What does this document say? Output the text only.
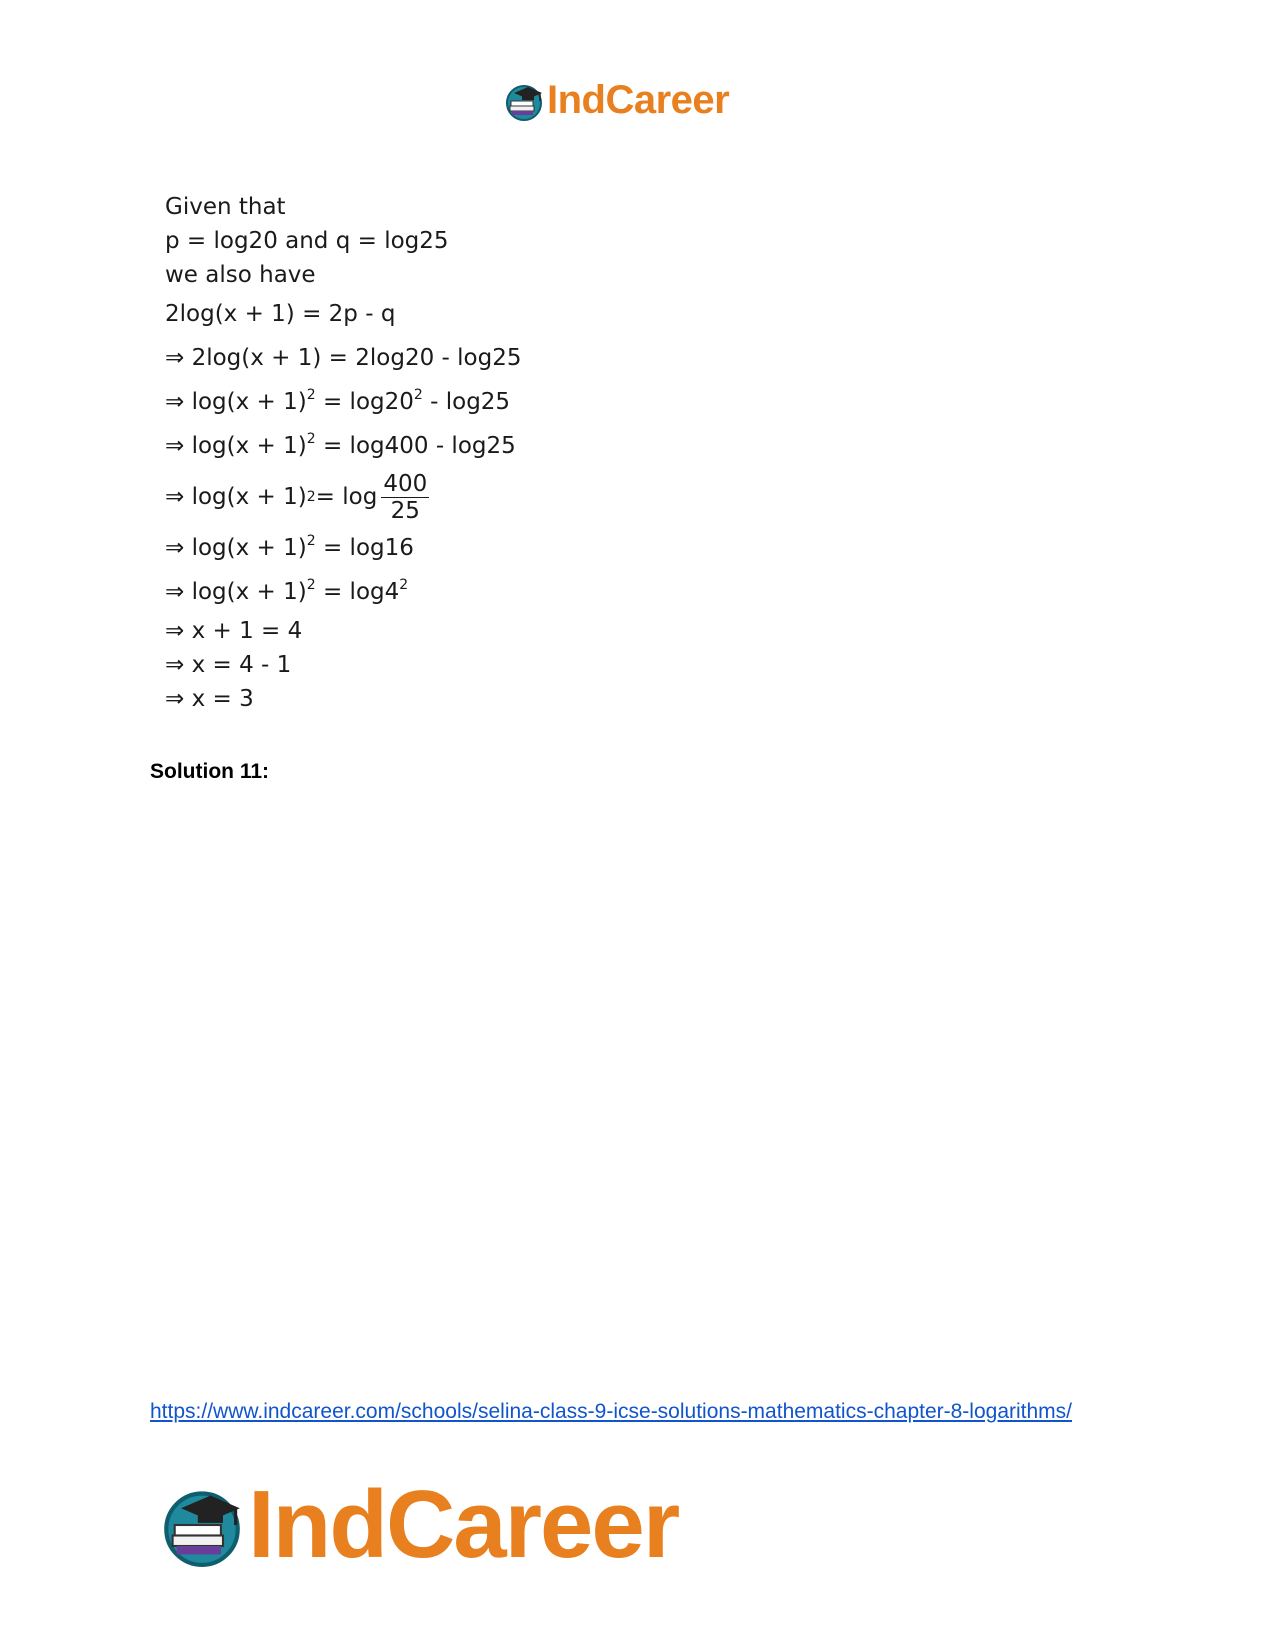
IndCareer
Given that
p = log20 and q = log25
we also have
2log(x + 1) = 2p - q
⇒ 2log(x + 1) = 2log20 - log25
⇒ $\log(x + 1)^2 = \log 20^2 - \log 25$
⇒ $\log(x + 1)^2 = \log 400 - \log 25$
⇒ log(x + 1) $2 = \log \frac{400}{25}$
⇒ $\log(x + 1)^2 = \log 16$
⇒ $\log(x + 1)^2 = \log 4^2$
⇒ x + 1 = 4
⇒ x = 4 - 1
⇒ x = 3
Solution 11:
https://www.indcareer.com/schools/selina-class-9-icse-solutions-mathematics-chapter-8-logarithms/
IndCareer
